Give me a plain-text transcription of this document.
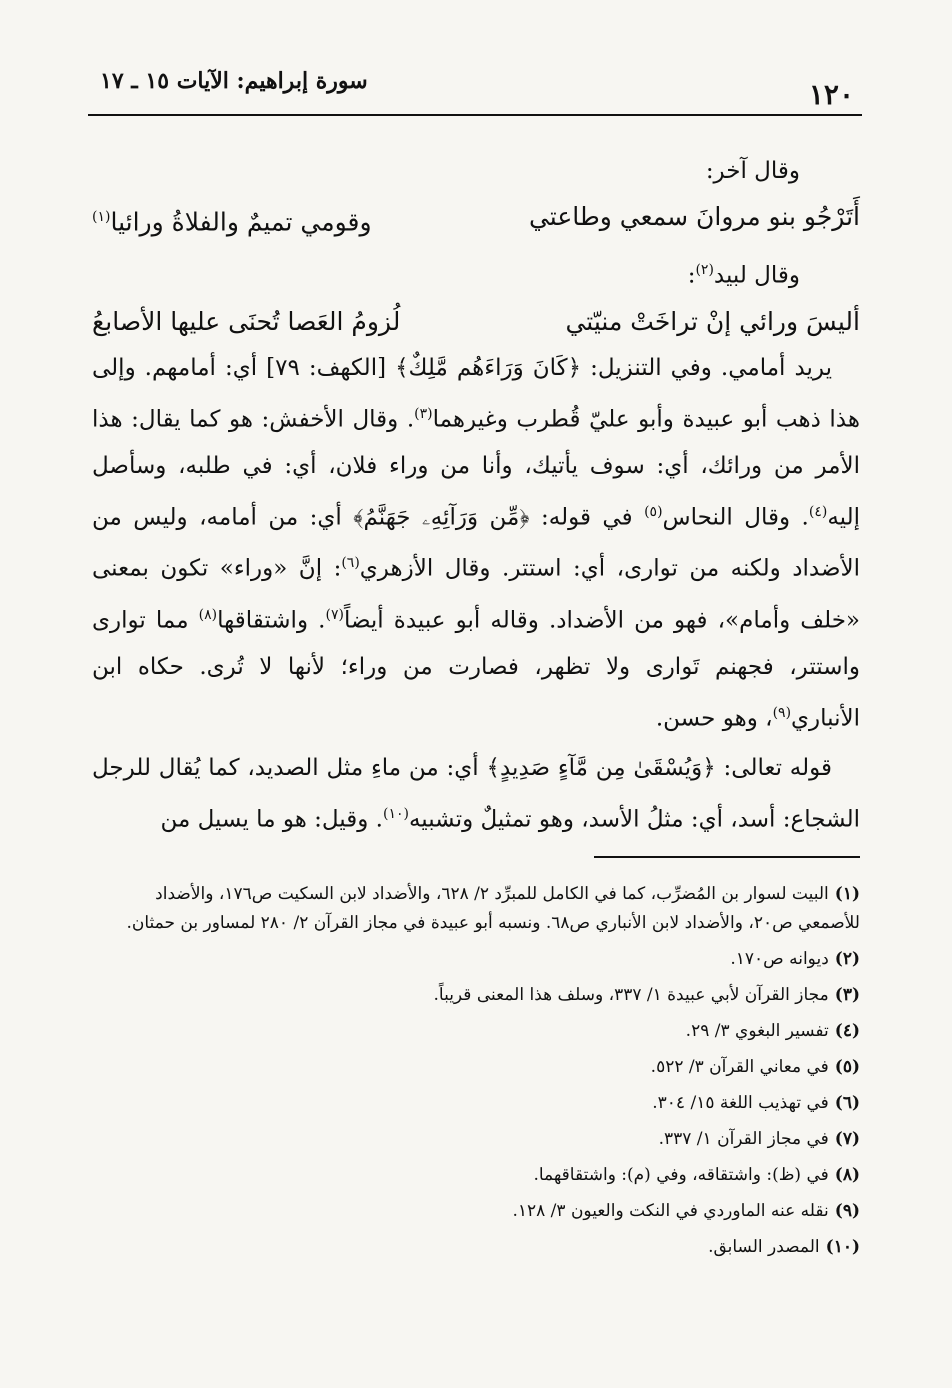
١٢٠
سورة إبراهيم: الآيات ١٥ ـ ١٧

وقال آخر:

أَتَرْجُو بنو مروانَ سمعي وطاعتي
وقومي تميمٌ والفلاةُ ورائيا$^{(١)}$

وقال لبيد$^{(٢)}$:

أليسَ ورائي إنْ تراخَتْ منيّتي
لُزومُ العَصا تُحنَى عليها الأصابعُ

يريد أمامي. وفي التنزيل: ﴿كَانَ وَرَاءَهُم مَّلِكٌ﴾ [الكهف: ٧٩] أي: أمامهم. وإلى هذا ذهب أبو عبيدة وأبو عليّ قُطرب وغيرهما$^{(٣)}$. وقال الأخفش: هو كما يقال: هذا الأمر من ورائك، أي: سوف يأتيك، وأنا من وراء فلان، أي: في طلبه، وسأصل إليه$^{(٤)}$. وقال النحاس$^{(٥)}$ في قوله: ﴿مِّن وَرَآئِهِۦ جَهَنَّمُ﴾ أي: من أمامه، وليس من الأضداد ولكنه من توارى، أي: استتر. وقال الأزهري$^{(٦)}$: إنَّ «وراء» تكون بمعنى «خلف وأمام»، فهو من الأضداد. وقاله أبو عبيدة أيضاً$^{(٧)}$. واشتقاقها$^{(٨)}$ مما توارى واستتر، فجهنم تَوارى ولا تظهر، فصارت من وراء؛ لأنها لا تُرى. حكاه ابن الأنباري$^{(٩)}$، وهو حسن.

قوله تعالى: ﴿وَيُسْقَىٰ مِن مَّآءٍ صَدِيدٍ﴾ أي: من ماءِ مثل الصديد، كما يُقال للرجل الشجاع: أسد، أي: مثلُ الأسد، وهو تمثيلٌ وتشبيه$^{(١٠)}$. وقيل: هو ما يسيل من

(١)البيت لسوار بن المُضرِّب، كما في الكامل للمبرِّد ٢/ ٦٢٨، والأضداد لابن السكيت ص١٧٦، والأضداد للأصمعي ص٢٠، والأضداد لابن الأنباري ص٦٨. ونسبه أبو عبيدة في مجاز القرآن ٢/ ٢٨٠ لمساور بن حمثان.

(٢)ديوانه ص١٧٠.

(٣)مجاز القرآن لأبي عبيدة ١/ ٣٣٧، وسلف هذا المعنى قريباً.

(٤)تفسير البغوي ٣/ ٢٩.

(٥)في معاني القرآن ٣/ ٥٢٢.

(٦)في تهذيب اللغة ١٥/ ٣٠٤.

(٧)في مجاز القرآن ١/ ٣٣٧.

(٨)في (ظ): واشتقاقه، وفي (م): واشتقاقهما.

(٩)نقله عنه الماوردي في النكت والعيون ٣/ ١٢٨.

(١٠)المصدر السابق.
